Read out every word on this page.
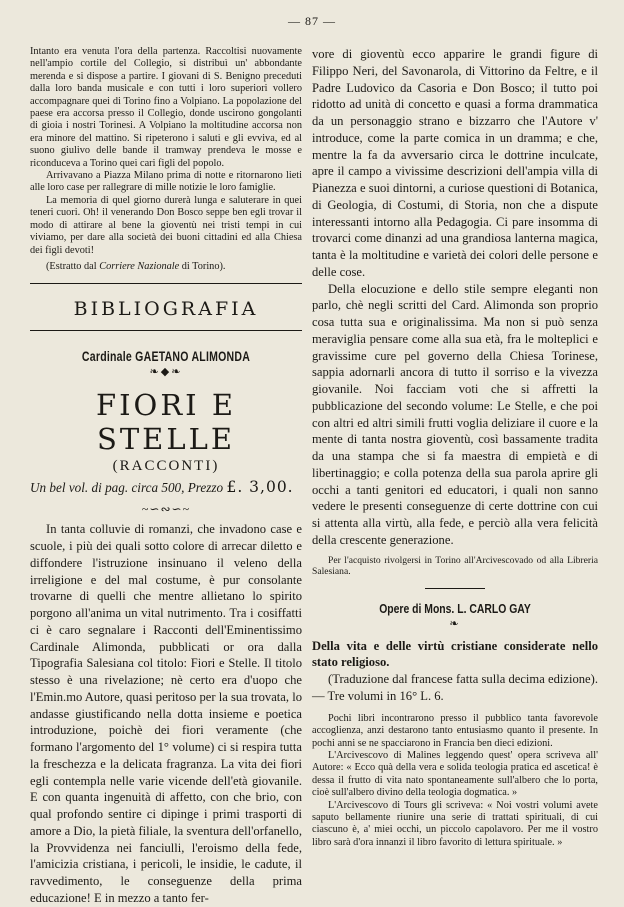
— 87 —

Intanto era venuta l'ora della partenza. Raccoltisi nuovamente nell'ampio cortile del Collegio, si distribuì un' abbondante merenda e si dispose a partire. I giovani di S. Benigno preceduti dalla loro banda musicale e con tutti i loro superiori vollero accompagnare quei di Torino fino a Volpiano. La popolazione del paese era accorsa presso il Collegio, donde uscirono gongolanti di gioia i nostri Torinesi. A Volpiano la moltitudine accorsa non era minore del mattino. Si ripeterono i saluti e gli evviva, ed al suono giulivo delle bande il tramway prendeva le mosse e riconduceva a Torino quei cari figli del popolo.

Arrivavano a Piazza Milano prima di notte e ritornarono lieti alle loro case per rallegrare di mille notizie le loro famiglie.

La memoria di quel giorno durerà lunga e saluterare in quei teneri cuori. Oh! il venerando Don Bosco seppe ben egli trovar il modo di attirare al bene la gioventù nei tristi tempi in cui viviamo, per dare alla società dei buoni cittadini ed alla Chiesa dei figli devoti!

(Estratto dal Corriere Nazionale di Torino).

BIBLIOGRAFIA
Cardinale GAETANO ALIMONDA
❧◆❧
FIORI E STELLE
(RACCONTI)
Un bel vol. di pag. circa 500, Prezzo £. 3,00.
~∽∾∽~

In tanta colluvie di romanzi, che invadono case e scuole, i più dei quali sotto colore di arrecar diletto e diffondere l'istruzione insinuano il veleno della irreligione e del mal costume, è pur consolante trovarne di quelli che mentre allietano lo spirito porgono all'anima un vital nutrimento. Tra i cosiffatti ci è caro segnalare i Racconti dell'Eminentissimo Cardinale Alimonda, pubblicati or ora dalla Tipografia Salesiana col titolo: Fiori e Stelle. Il titolo stesso è una rivelazione; nè certo era d'uopo che l'Emin.mo Autore, quasi peritoso per la sua trovata, lo andasse giustificando nella dotta insieme e poetica introduzione, poichè dei fiori veramente (che formano l'argomento del 1° volume) ci si respira tutta la freschezza e la delicata fragranza. La vita dei fiori egli contempla nelle varie vicende dell'età giovanile. E con quanta ingenuità di affetto, con che brio, con qual profondo sentire ci dipinge i primi trasporti di amore a Dio, la pietà filiale, la sventura dell'orfanello, la Provvidenza nei fanciulli, l'eroismo della fede, l'amicizia cristiana, i pericoli, le insidie, le cadute, il ravvedimento, le conseguenze della prima educazione! E in mezzo a tanto fer-

vore di gioventù ecco apparire le grandi figure di Filippo Neri, del Savonarola, di Vittorino da Feltre, e il Padre Ludovico da Casoria e Don Bosco; il tutto poi ridotto ad unità di concetto e quasi a forma drammatica da un personaggio strano e bizzarro che l'Autore v' introduce, come la parte comica in un dramma; e che, mentre la fa da avversario circa le dottrine inculcate, apre il campo a vivissime descrizioni dell'ampia villa di Pianezza e suoi dintorni, a curiose questioni di Botanica, di Geologia, di Costumi, di Storia, non che a dispute interessanti intorno alla Pedagogia. Ci pare insomma di trovarci come dinanzi ad una grandiosa lanterna magica, tanta è la moltitudine e varietà dei colori delle persone e delle cose.

Della elocuzione e dello stile sempre eleganti non parlo, chè negli scritti del Card. Alimonda son proprio cosa tutta sua e originalissima. Ma non si può senza meraviglia pensare come alla sua età, fra le molteplici e gravissime cure pel governo della Chiesa Torinese, sappia adornarli ancora di tutto il sorriso e la vivezza giovanile. Noi facciam voti che si affretti la pubblicazione del secondo volume: Le Stelle, e che poi con altri ed altri simili frutti voglia deliziare il cuore e la mente di tanta nostra gioventù, così bassamente tradita da una stampa che si fa maestra di empietà e di libertinaggio; e colla potenza della sua parola aprire gli occhi a tanti genitori ed educatori, i quali non sanno vedere le presenti conseguenze di certe dottrine con cui si attenta alla virtù, alla fede, e perciò alla vera felicità della crescente generazione.

Per l'acquisto rivolgersi in Torino all'Arcivescovado od alla Libreria Salesiana.

Opere di Mons. L. CARLO GAY
❧

Della vita e delle virtù cristiane considerate nello stato religioso.

(Traduzione dal francese fatta sulla decima edizione). — Tre volumi in 16° L. 6.

Pochi libri incontrarono presso il pubblico tanta favorevole accoglienza, anzi destarono tanto entusiasmo quanto il presente. In pochi anni se ne spacciarono in Francia ben dieci edizioni.

L'Arcivescovo di Malines leggendo quest' opera scriveva all' Autore: « Ecco quà della vera e solida teologia pratica ed ascetica! è dessa il frutto di vita nato spontaneamente sull'albero che lo porta, cioè sull'albero divino della teologia dogmatica. »

L'Arcivescovo di Tours gli scriveva: « Noi vostri volumi avete saputo bellamente riunire una serie di trattati spirituali, di cui ciascuno è, a' miei occhi, un piccolo capolavoro. Per me il vostro libro sarà d'ora innanzi il libro favorito di lettura spirituale. »
